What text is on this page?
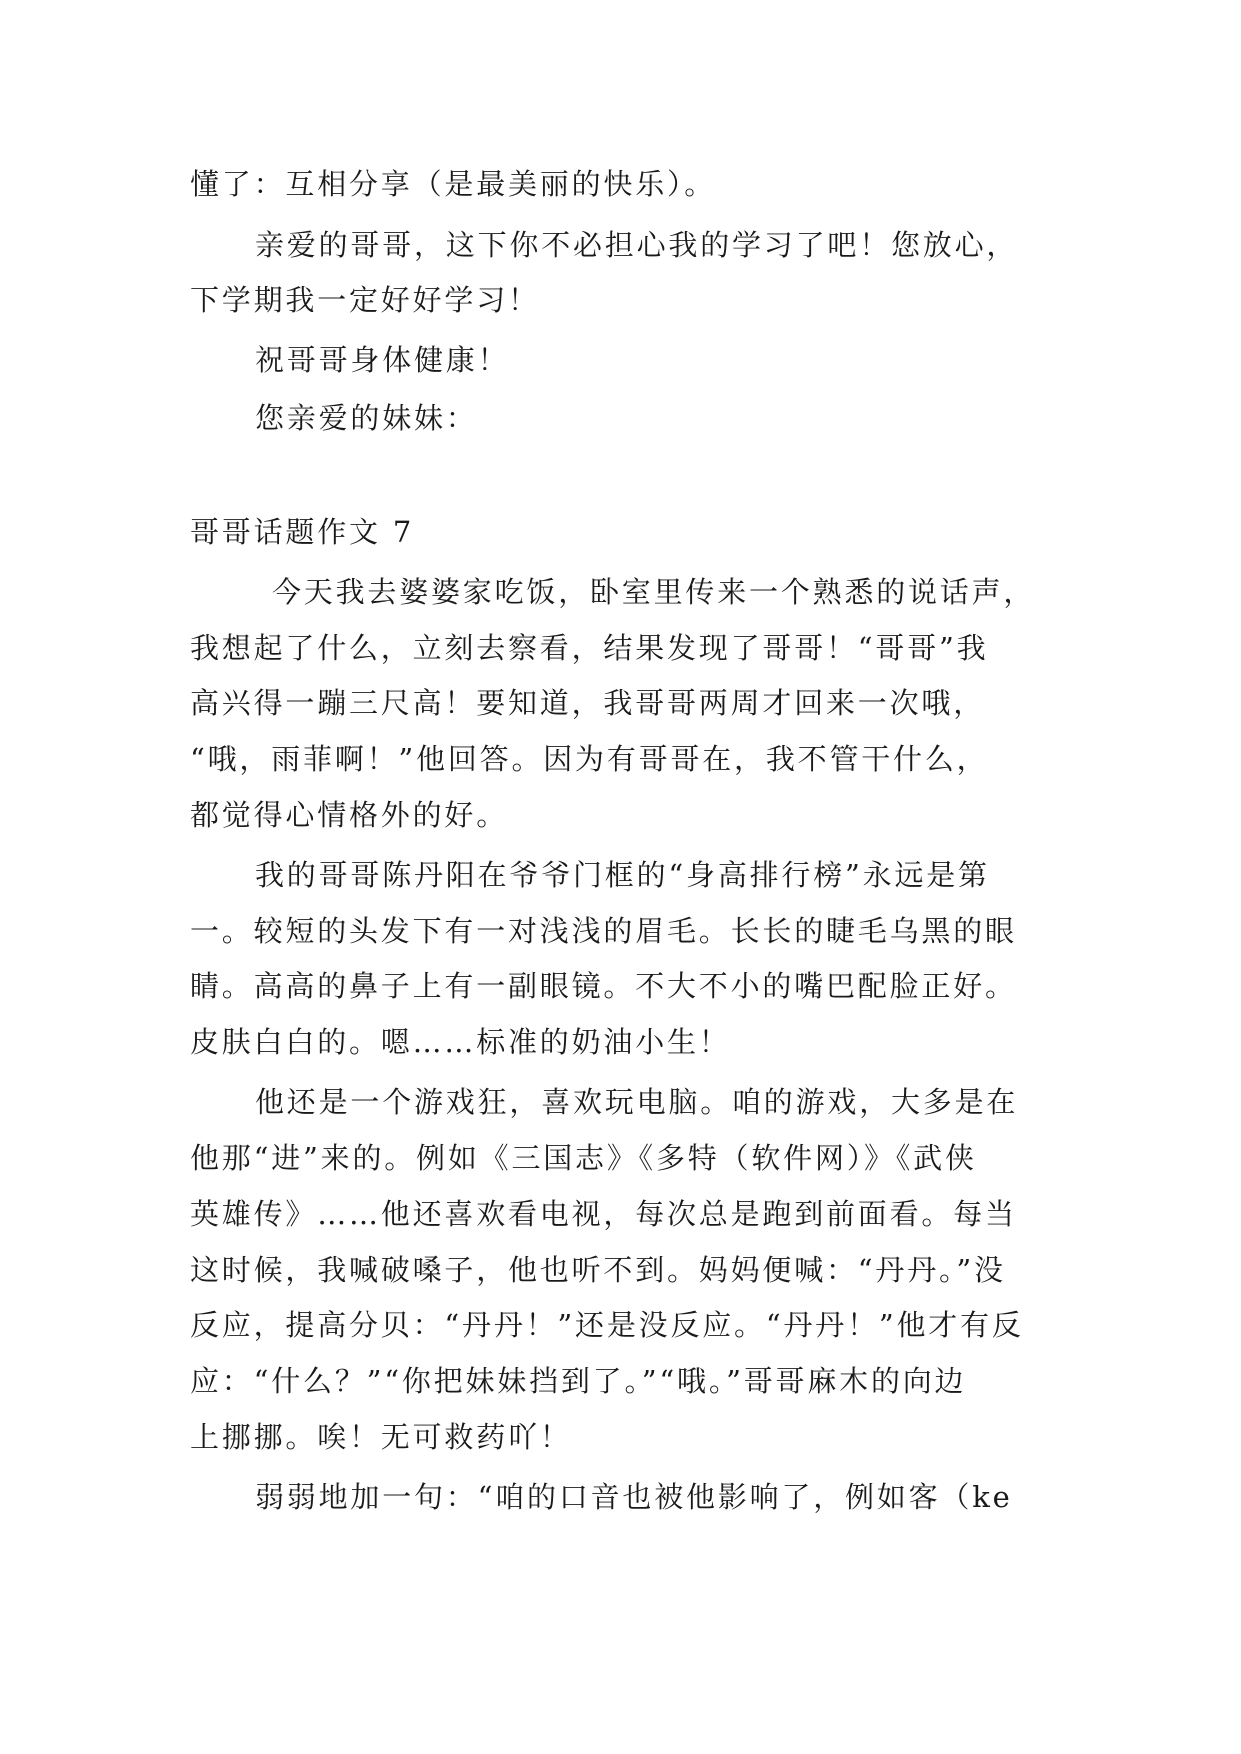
懂了：互相分享（是最美丽的快乐）。
亲爱的哥哥，这下你不必担心我的学习了吧！您放心，
下学期我一定好好学习！
祝哥哥身体健康！
您亲爱的妹妹：
哥哥话题作文 7
今天我去婆婆家吃饭，卧室里传来一个熟悉的说话声，
我想起了什么，立刻去察看，结果发现了哥哥！“哥哥”我
高兴得一蹦三尺高！要知道，我哥哥两周才回来一次哦，
“哦，雨菲啊！”他回答。因为有哥哥在，我不管干什么，
都觉得心情格外的好。
我的哥哥陈丹阳在爷爷门框的“身高排行榜”永远是第
一。较短的头发下有一对浅浅的眉毛。长长的睫毛乌黑的眼
睛。高高的鼻子上有一副眼镜。不大不小的嘴巴配脸正好。
皮肤白白的。嗯……标准的奶油小生！
他还是一个游戏狂，喜欢玩电脑。咱的游戏，大多是在
他那“进”来的。例如《三国志》《多特（软件网）》《武侠
英雄传》……他还喜欢看电视，每次总是跑到前面看。每当
这时候，我喊破嗓子，他也听不到。妈妈便喊：“丹丹。”没
反应，提高分贝：“丹丹！”还是没反应。“丹丹！”他才有反
应：“什么？”“你把妹妹挡到了。”“哦。”哥哥麻木的向边
上挪挪。唉！无可救药吖！
弱弱地加一句：“咱的口音也被他影响了，例如客（ke
